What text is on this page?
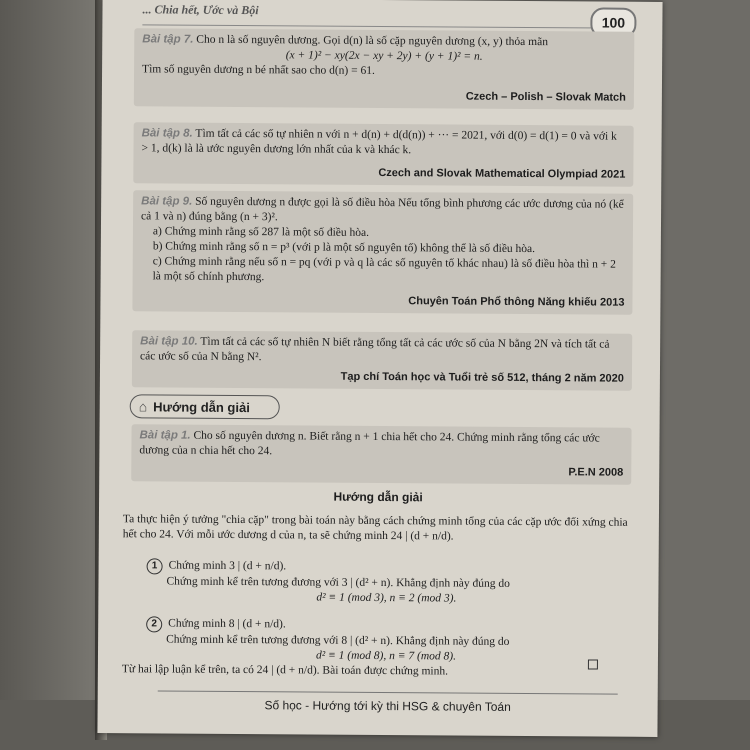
... Chia hết, Ước và Bội
100
Bài tập 7. Cho n là số nguyên dương. Gọi d(n) là số cặp nguyên dương (x, y) thỏa mãn
(x + 1)² − xy(2x − xy + 2y) + (y + 1)² = n.
Tìm số nguyên dương n bé nhất sao cho d(n) = 61.
Czech – Polish – Slovak Match
Bài tập 8. Tìm tất cả các số tự nhiên n với n + d(n) + d(d(n)) + ··· = 2021, với d(0) = d(1) = 0 và với k > 1, d(k) là là ước nguyên dương lớn nhất của k và khác k.
Czech and Slovak Mathematical Olympiad 2021
Bài tập 9. Số nguyên dương n được gọi là số điều hòa Nếu tổng bình phương các ước dương của nó (kể cả 1 và n) đúng bằng (n + 3)².
a) Chứng minh rằng số 287 là một số điều hòa.
b) Chứng minh rằng số n = p³ (với p là một số nguyên tố) không thể là số điều hòa.
c) Chứng minh rằng nếu số n = pq (với p và q là các số nguyên tố khác nhau) là số điều hòa thì n + 2 là một số chính phương.
Chuyên Toán Phổ thông Năng khiếu 2013
Bài tập 10. Tìm tất cả các số tự nhiên N biết rằng tổng tất cả các ước số của N bằng 2N và tích tất cả các ước số của N bằng N².
Tạp chí Toán học và Tuổi trẻ số 512, tháng 2 năm 2020
⌂ Hướng dẫn giải
Bài tập 1. Cho số nguyên dương n. Biết rằng n + 1 chia hết cho 24. Chứng minh rằng tổng các ước dương của n chia hết cho 24.
P.E.N 2008
Hướng dẫn giải
Ta thực hiện ý tưởng "chia cặp" trong bài toán này bằng cách chứng minh tổng của các cặp ước đối xứng chia hết cho 24. Với mỗi ước dương d của n, ta sẽ chứng minh 24 | (d + n/d).
1 Chứng minh 3 | (d + n/d).
Chứng minh kể trên tương đương với 3 | (d² + n). Khẳng định này đúng do
d² ≡ 1 (mod 3), n ≡ 2 (mod 3).
2 Chứng minh 8 | (d + n/d).
Chứng minh kể trên tương đương với 8 | (d² + n). Khẳng định này đúng do
d² ≡ 1 (mod 8), n ≡ 7 (mod 8).
Từ hai lập luận kể trên, ta có 24 | (d + n/d). Bài toán được chứng minh.
Số học - Hướng tới kỳ thi HSG & chuyên Toán
